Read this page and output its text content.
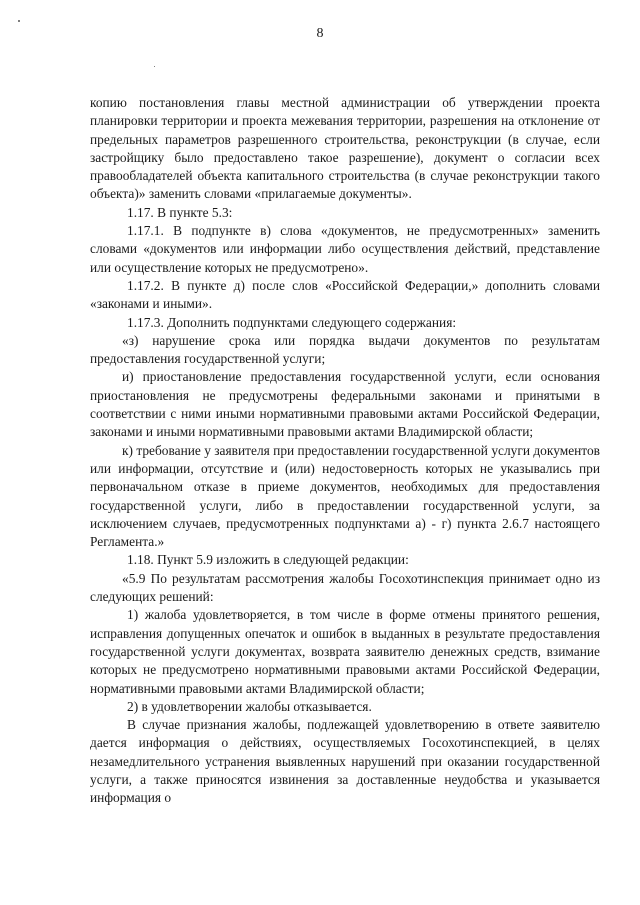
8

копию постановления главы местной администрации об утверждении проекта планировки территории и проекта межевания территории, разрешения на отклонение от предельных параметров разрешенного строительства, реконструкции (в случае, если застройщику было предоставлено такое разрешение), документ о согласии всех правообладателей объекта капитального строительства (в случае реконструкции такого объекта)» заменить словами «прилагаемые документы».

1.17. В пункте 5.3:

1.17.1. В подпункте в) слова «документов, не предусмотренных» заменить словами «документов или информации либо осуществления действий, представление или осуществление которых не предусмотрено».

1.17.2. В пункте д) после слов «Российской Федерации,» дополнить словами «законами и иными».

1.17.3. Дополнить подпунктами следующего содержания:

«з) нарушение срока или порядка выдачи документов по результатам предоставления государственной услуги;

и) приостановление предоставления государственной услуги, если основания приостановления не предусмотрены федеральными законами и принятыми в соответствии с ними иными нормативными правовыми актами Российской Федерации, законами и иными нормативными правовыми актами Владимирской области;

к) требование у заявителя при предоставлении государственной услуги документов или информации, отсутствие и (или) недостоверность которых не указывались при первоначальном отказе в приеме документов, необходимых для предоставления государственной услуги, либо в предоставлении государственной услуги, за исключением случаев, предусмотренных подпунктами а) - г) пункта 2.6.7 настоящего Регламента.»

1.18. Пункт 5.9 изложить в следующей редакции:

«5.9 По результатам рассмотрения жалобы Госохотинспекция принимает одно из следующих решений:

1) жалоба удовлетворяется, в том числе в форме отмены принятого решения, исправления допущенных опечаток и ошибок в выданных в результате предоставления государственной услуги документах, возврата заявителю денежных средств, взимание которых не предусмотрено нормативными правовыми актами Российской Федерации, нормативными правовыми актами Владимирской области;

2) в удовлетворении жалобы отказывается.

В случае признания жалобы, подлежащей удовлетворению в ответе заявителю дается информация о действиях, осуществляемых Госохотинспекцией, в целях незамедлительного устранения выявленных нарушений при оказании государственной услуги, а также приносятся извинения за доставленные неудобства и указывается информация о
